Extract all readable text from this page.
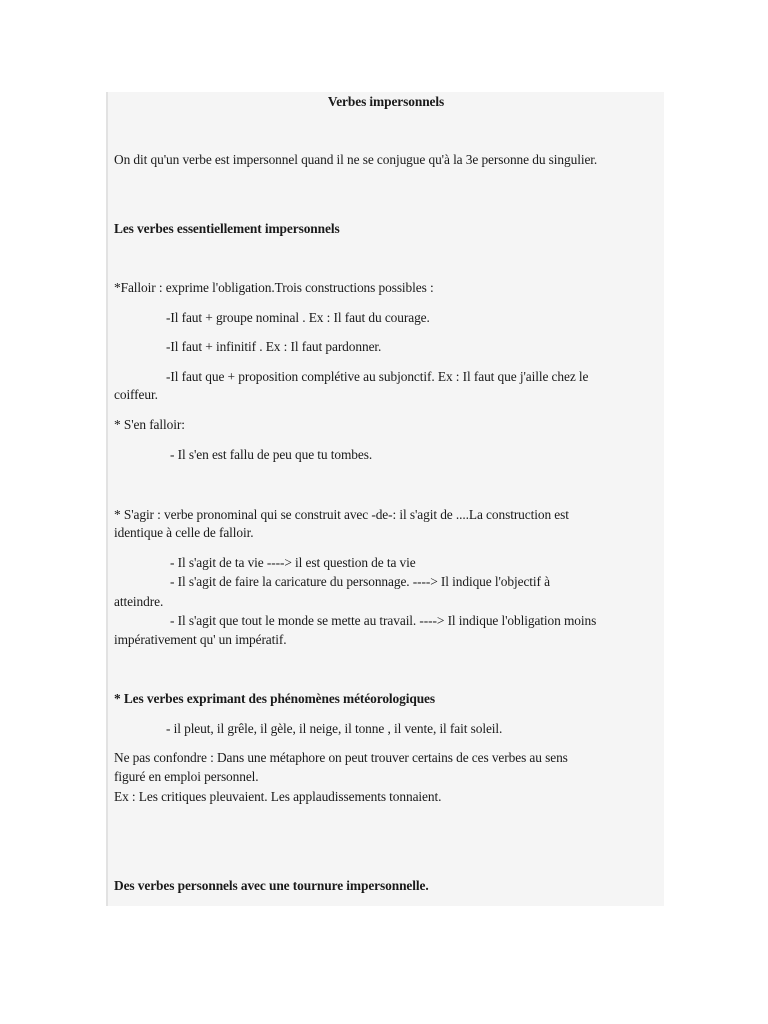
Verbes impersonnels
On dit qu'un verbe est impersonnel quand il ne se conjugue qu'à la 3e personne du singulier.
Les verbes essentiellement impersonnels
*Falloir : exprime l'obligation.Trois constructions possibles :
-Il faut + groupe nominal . Ex : Il faut du courage.
-Il faut + infinitif . Ex : Il faut pardonner.
-Il faut que + proposition complétive au subjonctif. Ex : Il faut que j'aille chez le
coiffeur.
* S'en falloir:
- Il s'en est fallu de peu que tu tombes.
* S'agir : verbe pronominal qui se construit avec -de-: il s'agit de ....La construction est
identique à celle de falloir.
- Il s'agit de ta vie ----> il est question de ta vie
- Il s'agit de faire la caricature du personnage. ----> Il indique l'objectif à
atteindre.
- Il s'agit que tout le monde se mette au travail. ----> Il indique l'obligation moins
impérativement qu' un impératif.
* Les verbes exprimant des phénomènes météorologiques
- il pleut, il grêle, il gèle, il neige, il tonne , il vente, il fait soleil.
Ne pas confondre : Dans une métaphore on peut trouver certains de ces verbes au sens
figuré en emploi personnel.
Ex : Les critiques pleuvaient. Les applaudissements tonnaient.
Des verbes personnels avec une tournure impersonnelle.
